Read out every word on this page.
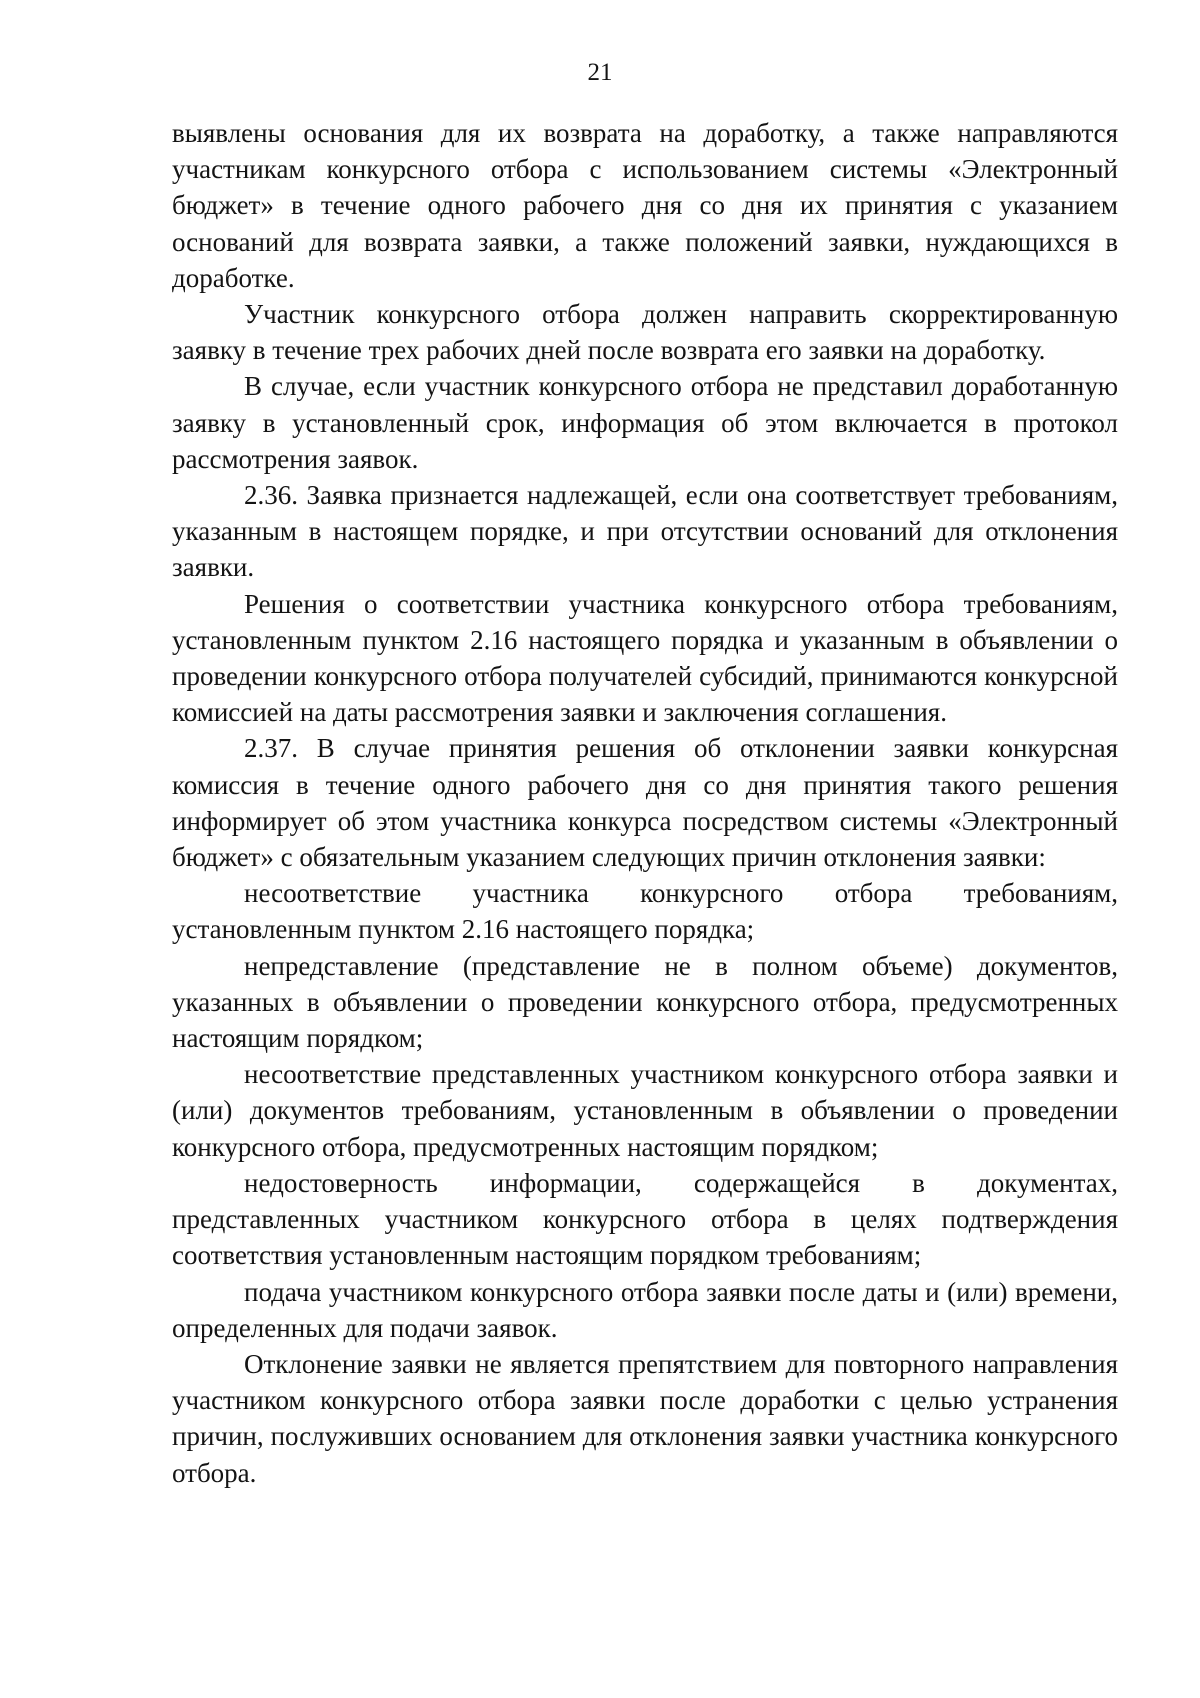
21

выявлены основания для их возврата на доработку, а также направляются участникам конкурсного отбора с использованием системы «Электронный бюджет» в течение одного рабочего дня со дня их принятия с указанием оснований для возврата заявки, а также положений заявки, нуждающихся в доработке.

Участник конкурсного отбора должен направить скорректированную заявку в течение трех рабочих дней после возврата его заявки на доработку.

В случае, если участник конкурсного отбора не представил доработанную заявку в установленный срок, информация об этом включается в протокол рассмотрения заявок.

2.36. Заявка признается надлежащей, если она соответствует требованиям, указанным в настоящем порядке, и при отсутствии оснований для отклонения заявки.

Решения о соответствии участника конкурсного отбора требованиям, установленным пунктом 2.16 настоящего порядка и указанным в объявлении о проведении конкурсного отбора получателей субсидий, принимаются конкурсной комиссией на даты рассмотрения заявки и заключения соглашения.

2.37. В случае принятия решения об отклонении заявки конкурсная комиссия в течение одного рабочего дня со дня принятия такого решения информирует об этом участника конкурса посредством системы «Электронный бюджет» с обязательным указанием следующих причин отклонения заявки:

несоответствие участника конкурсного отбора требованиям, установленным пунктом 2.16 настоящего порядка;

непредставление (представление не в полном объеме) документов, указанных в объявлении о проведении конкурсного отбора, предусмотренных настоящим порядком;

несоответствие представленных участником конкурсного отбора заявки и (или) документов требованиям, установленным в объявлении о проведении конкурсного отбора, предусмотренных настоящим порядком;

недостоверность информации, содержащейся в документах, представленных участником конкурсного отбора в целях подтверждения соответствия установленным настоящим порядком требованиям;

подача участником конкурсного отбора заявки после даты и (или) времени, определенных для подачи заявок.

Отклонение заявки не является препятствием для повторного направления участником конкурсного отбора заявки после доработки с целью устранения причин, послуживших основанием для отклонения заявки участника конкурсного отбора.
